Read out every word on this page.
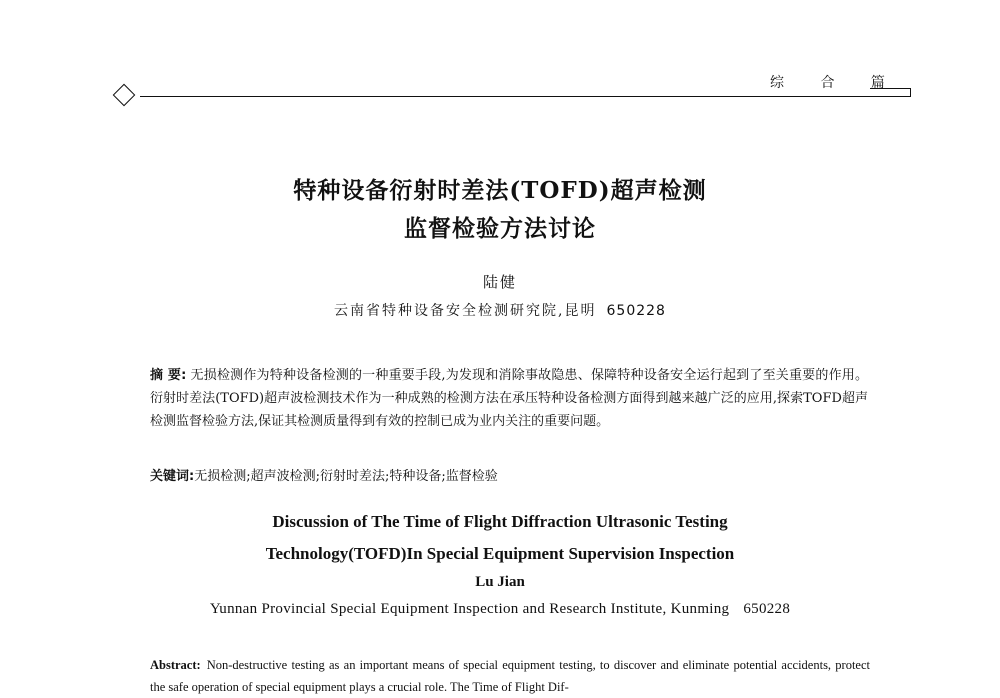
综 合 篇
特种设备衍射时差法(TOFD)超声检测
监督检验方法讨论
陆健
云南省特种设备安全检测研究院,昆明 650228
摘 要: 无损检测作为特种设备检测的一种重要手段,为发现和消除事故隐患、保障特种设备安全运行起到了至关重要的作用。衍射时差法(TOFD)超声波检测技术作为一种成熟的检测方法在承压特种设备检测方面得到越来越广泛的应用,探索TOFD超声检测监督检验方法,保证其检测质量得到有效的控制已成为业内关注的重要问题。
关键词:无损检测;超声波检测;衍射时差法;特种设备;监督检验
Discussion of The Time of Flight Diffraction Ultrasonic Testing
Technology(TOFD)In Special Equipment Supervision Inspection
Lu Jian
Yunnan Provincial Special Equipment Inspection and Research Institute, Kunming 650228
Abstract: Non-destructive testing as an important means of special equipment testing, to discover and eliminate potential accidents, protect the safe operation of special equipment plays a crucial role. The Time of Flight Dif-
